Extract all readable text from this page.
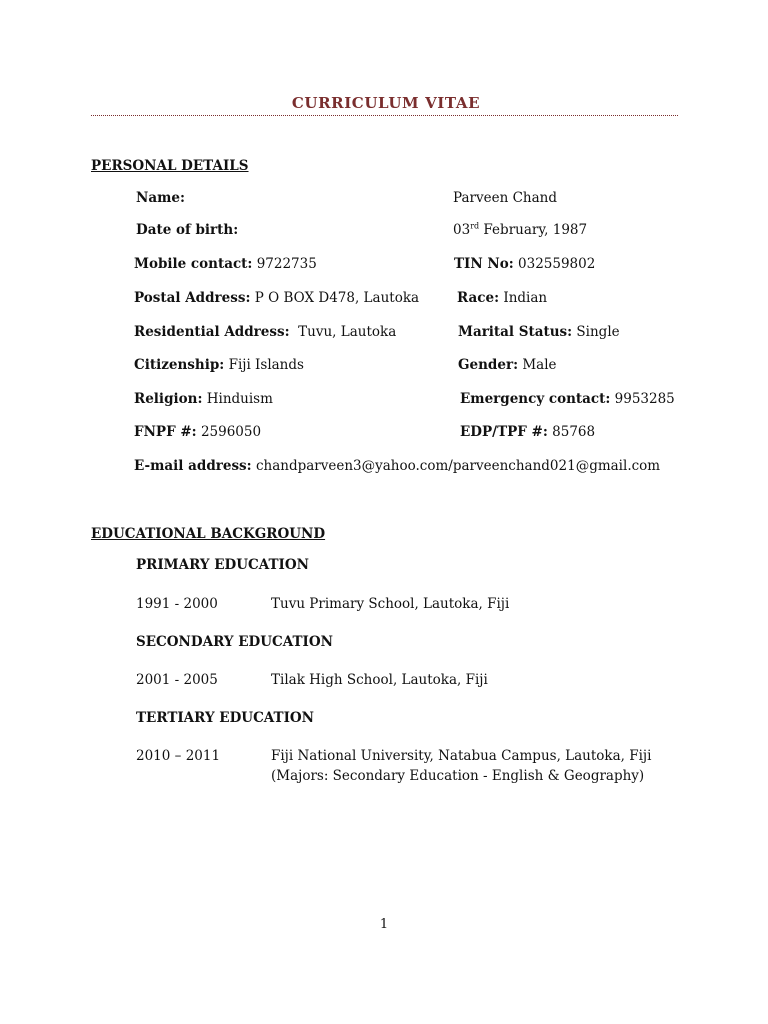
CURRICULUM VITAE
PERSONAL DETAILS
Name:	Parveen Chand
Date of birth:	03rd February, 1987
Mobile contact: 9722735	TIN No: 032559802
Postal Address: P O BOX D478, Lautoka	Race: Indian
Residential Address:  Tuvu, Lautoka	Marital Status: Single
Citizenship: Fiji Islands	Gender: Male
Religion: Hinduism	Emergency contact: 9953285
FNPF #: 2596050	EDP/TPF #: 85768
E-mail address: chandparveen3@yahoo.com/parveenchand021@gmail.com
EDUCATIONAL BACKGROUND
PRIMARY EDUCATION
1991 - 2000	Tuvu Primary School, Lautoka, Fiji
SECONDARY EDUCATION
2001 - 2005	Tilak High School, Lautoka, Fiji
TERTIARY EDUCATION
2010 – 2011	Fiji National University, Natabua Campus, Lautoka, Fiji
(Majors: Secondary Education - English & Geography)
1
